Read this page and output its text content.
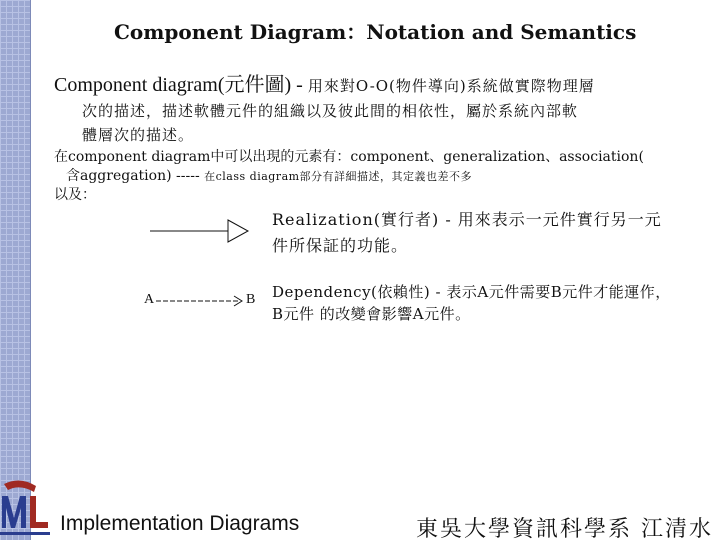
Component Diagram：Notation and Semantics
Component diagram(元件圖) - 用來對O-O(物件導向)系統做實際物理層
次的描述，描述軟體元件的組織以及彼此間的相依性，屬於系統內部軟
體層次的描述。
在component diagram中可以出現的元素有：component、generalization、association(
含aggregation) ----- 在class diagram部分有詳細描述，其定義也差不多
以及：
Realization(實行者) - 用來表示一元件實行另一元
件所保証的功能。
A	B Dependency(依賴性) - 表示A元件需要B元件才能運作，
B元件 的改變會影響A元件。
Implementation Diagrams	東吳大學資訊科學系 江清水
